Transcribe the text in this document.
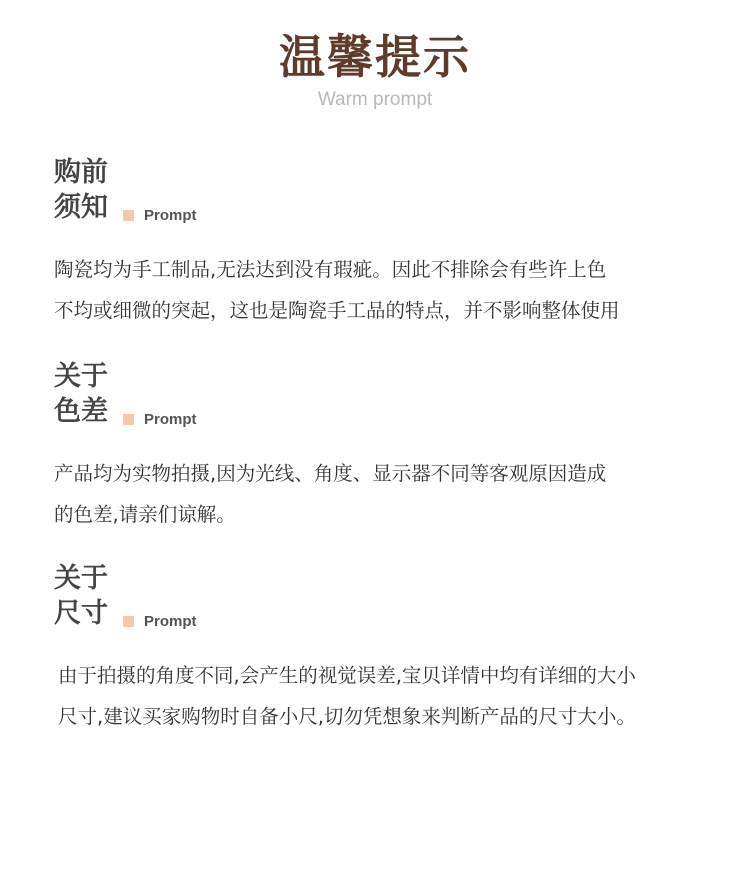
温馨提示
Warm prompt
购前
须知	Prompt
陶瓷均为手工制品,无法达到没有瑕疵。因此不排除会有些许上色
不均或细微的突起，这也是陶瓷手工品的特点，并不影响整体使用
关于
色差	Prompt
产品均为实物拍摄,因为光线、角度、显示器不同等客观原因造成
的色差,请亲们谅解。
关于
尺寸	Prompt
由于拍摄的角度不同,会产生的视觉误差,宝贝详情中均有详细的大小
尺寸,建议买家购物时自备小尺,切勿凭想象来判断产品的尺寸大小。
